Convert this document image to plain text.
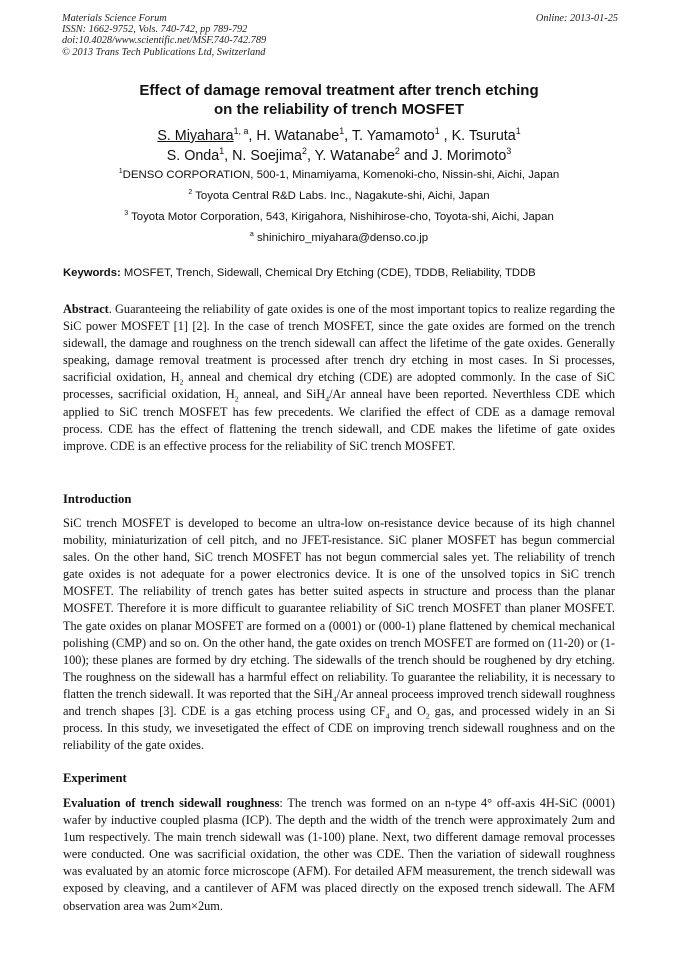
Materials Science Forum
ISSN: 1662-9752, Vols. 740-742, pp 789-792
doi:10.4028/www.scientific.net/MSF.740-742.789
© 2013 Trans Tech Publications Ltd, Switzerland
Online: 2013-01-25
Effect of damage removal treatment after trench etching
on the reliability of trench MOSFET
S. Miyahara$^{1, a}$, H. Watanabe$^1$, T. Yamamoto$^1$ , K. Tsuruta$^1$
S. Onda$^1$, N. Soejima$^2$, Y. Watanabe$^2$ and J. Morimoto$^3$
$^1$DENSO CORPORATION, 500-1, Minamiyama, Komenoki-cho, Nissin-shi, Aichi, Japan
$^2$ Toyota Central R&D Labs. Inc., Nagakute-shi, Aichi, Japan
$^3$ Toyota Motor Corporation, 543, Kirigahora, Nishihirose-cho, Toyota-shi, Aichi, Japan
$^a$ shinichiro_miyahara@denso.co.jp
Keywords: MOSFET, Trench, Sidewall, Chemical Dry Etching (CDE), TDDB, Reliability, TDDB
Abstract. Guaranteeing the reliability of gate oxides is one of the most important topics to realize regarding the SiC power MOSFET [1] [2]. In the case of trench MOSFET, since the gate oxides are formed on the trench sidewall, the damage and roughness on the trench sidewall can affect the lifetime of the gate oxides. Generally speaking, damage removal treatment is processed after trench dry etching in most cases. In Si processes, sacrificial oxidation, $H_2$ anneal and chemical dry etching (CDE) are adopted commonly. In the case of SiC processes, sacrificial oxidation, $H_2$ anneal, and SiH$_4$/Ar anneal have been reported. Neverthless CDE which applied to SiC trench MOSFET has few precedents. We clarified the effect of CDE as a damage removal process. CDE has the effect of flattening the trench sidewall, and CDE makes the lifetime of gate oxides improve. CDE is an effective process for the reliability of SiC trench MOSFET.
Introduction
SiC trench MOSFET is developed to become an ultra-low on-resistance device because of its high channel mobility, miniaturization of cell pitch, and no JFET-resistance. SiC planer MOSFET has begun commercial sales. On the other hand, SiC trench MOSFET has not begun commercial sales yet. The reliability of trench gate oxides is not adequate for a power electronics device. It is one of the unsolved topics in SiC trench MOSFET. The reliability of trench gates has better suited aspects in structure and process than the planar MOSFET. Therefore it is more difficult to guarantee reliability of SiC trench MOSFET than planer MOSFET. The gate oxides on planar MOSFET are formed on a (0001) or (000-1) plane flattened by chemical mechanical polishing (CMP) and so on. On the other hand, the gate oxides on trench MOSFET are formed on (11-20) or (1-100); these planes are formed by dry etching. The sidewalls of the trench should be roughened by dry etching. The roughness on the sidewall has a harmful effect on reliability. To guarantee the reliability, it is necessary to flatten the trench sidewall. It was reported that the SiH$_4$/Ar anneal proceess improved trench sidewall roughness and trench shapes [3]. CDE is a gas etching process using $CF_4$ and $O_2$ gas, and processed widely in an Si process. In this study, we invesetigated the effect of CDE on improving trench sidewall roughness and on the reliability of the gate oxides.
Experiment
Evaluation of trench sidewall roughness: The trench was formed on an n-type 4° off-axis 4H-SiC (0001) wafer by inductive coupled plasma (ICP). The depth and the width of the trench were approximately 2um and 1um respectively. The main trench sidewall was (1-100) plane. Next, two different damage removal processes were conducted. One was sacrificial oxidation, the other was CDE. Then the variation of sidewall roughness was evaluated by an atomic force microscope (AFM). For detailed AFM measurement, the trench sidewall was exposed by cleaving, and a cantilever of AFM was placed directly on the exposed trench sidewall. The AFM observation area was 2um×2um.
